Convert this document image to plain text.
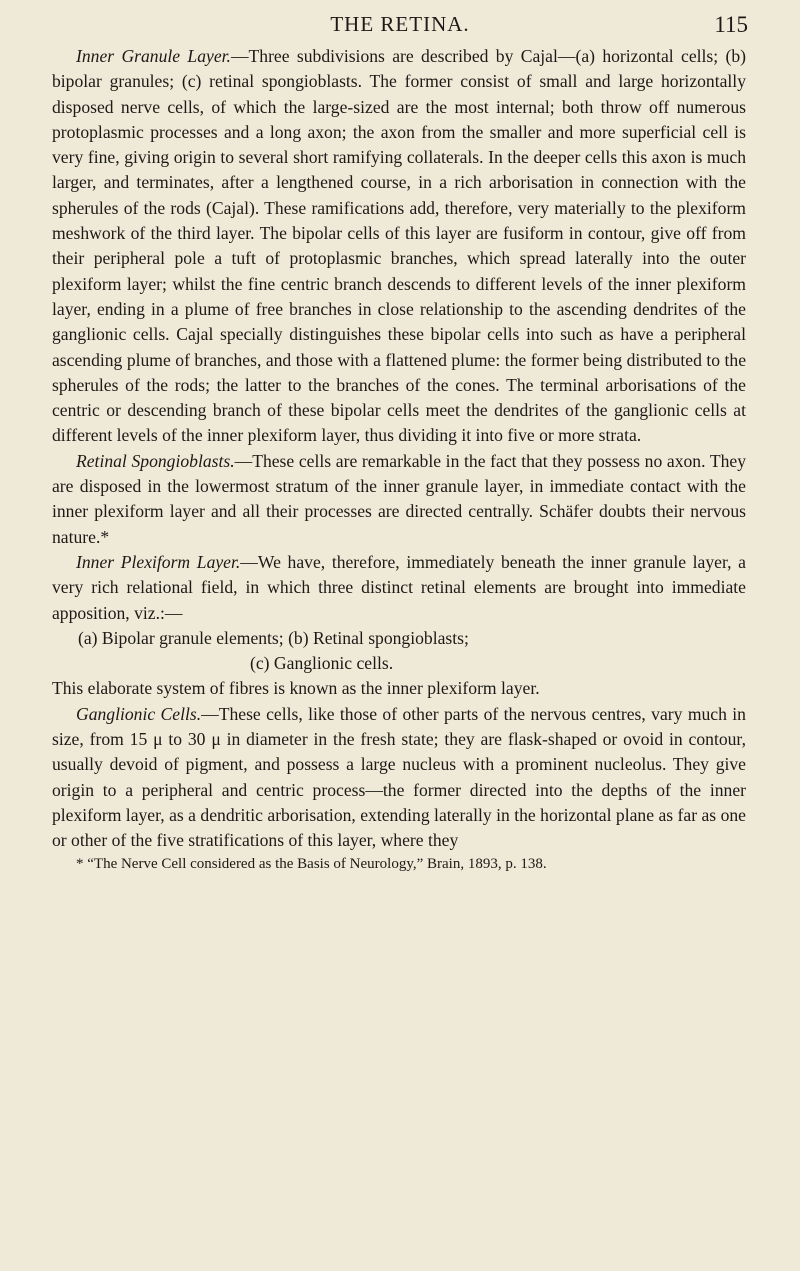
THE RETINA.	115

Inner Granule Layer.—Three subdivisions are described by Cajal—(a) horizontal cells; (b) bipolar granules; (c) retinal spongioblasts. The former consist of small and large horizontally disposed nerve cells, of which the large-sized are the most internal; both throw off numerous protoplasmic processes and a long axon; the axon from the smaller and more superficial cell is very fine, giving origin to several short ramifying collaterals. In the deeper cells this axon is much larger, and terminates, after a lengthened course, in a rich arborisation in connection with the spherules of the rods (Cajal). These ramifications add, therefore, very materially to the plexiform meshwork of the third layer. The bipolar cells of this layer are fusiform in contour, give off from their peripheral pole a tuft of protoplasmic branches, which spread laterally into the outer plexiform layer; whilst the fine centric branch descends to different levels of the inner plexiform layer, ending in a plume of free branches in close relationship to the ascending dendrites of the ganglionic cells. Cajal specially distinguishes these bipolar cells into such as have a peripheral ascending plume of branches, and those with a flattened plume: the former being distributed to the spherules of the rods; the latter to the branches of the cones. The terminal arborisations of the centric or descending branch of these bipolar cells meet the dendrites of the ganglionic cells at different levels of the inner plexiform layer, thus dividing it into five or more strata.

Retinal Spongioblasts.—These cells are remarkable in the fact that they possess no axon. They are disposed in the lowermost stratum of the inner granule layer, in immediate contact with the inner plexiform layer and all their processes are directed centrally. Schäfer doubts their nervous nature.*

Inner Plexiform Layer.—We have, therefore, immediately beneath the inner granule layer, a very rich relational field, in which three distinct retinal elements are brought into immediate apposition, viz.:—

(a) Bipolar granule elements; (b) Retinal spongioblasts;

(c) Ganglionic cells.

This elaborate system of fibres is known as the inner plexiform layer.

Ganglionic Cells.—These cells, like those of other parts of the nervous centres, vary much in size, from 15 μ to 30 μ in diameter in the fresh state; they are flask-shaped or ovoid in contour, usually devoid of pigment, and possess a large nucleus with a prominent nucleolus. They give origin to a peripheral and centric process—the former directed into the depths of the inner plexiform layer, as a dendritic arborisation, extending laterally in the horizontal plane as far as one or other of the five stratifications of this layer, where they

* “The Nerve Cell considered as the Basis of Neurology,” Brain, 1893, p. 138.
